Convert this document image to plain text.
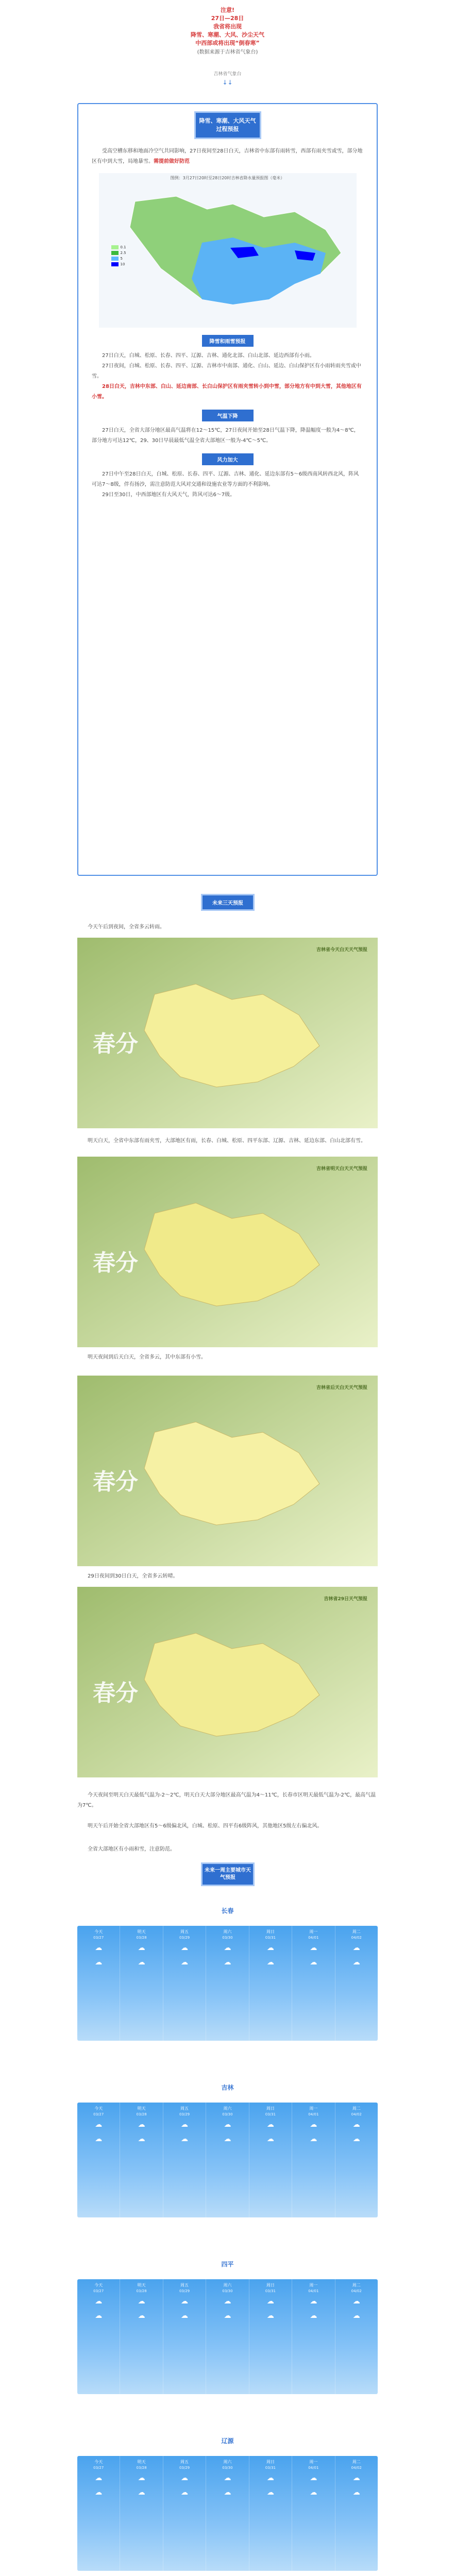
注意!
27日—28日
我省将出现
降雪、寒潮、大风、沙尘天气
中西部或将出现“倒春寒”
(数据来源于吉林省气象台)
吉林省气象台
↓↓
降雪、寒潮、大风天气过程预报

受高空槽东移和地面冷空气共同影响，27日夜间至28日白天，吉林省中东部有雨转雪，西部有雨夹雪或雪，部分地区有中到大雪，局地暴雪。需提前做好防范

图例：3月27日20时至28日20时吉林省降水量预报图（毫米）
0.1
2.5
5
10
降雪和雨雪预报

27日白天，白城、松原、长春、四平、辽源、吉林、通化北部、白山北部、延边西部有小雨。

27日夜间，白城、松原、长春、四平、辽源、吉林市中南部、通化、白山、延边、白山保护区有小雨转雨夹雪或中雪。

28日白天，吉林中东部、白山、延边南部、长白山保护区有雨夹雪转小到中雪，部分地方有中到大雪，其他地区有小雪。

气温下降

27日白天，全省大部分地区最高气温将在12～15℃，27日夜间开始至28日气温下降，降温幅度一般为4～8℃，部分地方可达12℃，29、30日早晨最低气温全省大部地区一般为-4℃～5℃。

风力加大

27日中午至28日白天，白城、松原、长春、四平、辽源、吉林、通化、延边东部有5～6级西南风转西北风，阵风可达7～8级，伴有扬沙，需注意防范大风对交通和设施农业等方面的不利影响。

29日至30日，中西部地区有大风天气，阵风可达6～7级。

未来三天预报
今天午后到夜间，全省多云转雨。
春分
吉林省今天白天天气预报
明天白天，全省中东部有雨夹雪，大部地区有雨，长春、白城、松原、四平东部、辽源、吉林、延边东部、白山北部有雪。
春分
吉林省明天白天天气预报
明天夜间到后天白天，全省多云，其中东部有小雪。
春分
吉林省后天白天天气预报
29日夜间到30日白天，全省多云转晴。
春分
吉林省29日天气预报
今天夜间至明天白天最低气温为-2～2℃，明天白天大部分地区最高气温为4～11℃，长春市区明天最低气温为-2℃，最高气温为7℃。
明天午后开始全省大部地区有5～6级偏北风，白城、松原、四平有6级阵风，其他地区5级左右偏北风。
全省大部地区有小雨和雪，注意防范。
未来一周主要城市天气预报
长春
今天
03/27
☁
☁
明天
03/28
☁
☁
周五
03/29
☁
☁
周六
03/30
☁
☁
周日
03/31
☁
☁
周一
04/01
☁
☁
周二
04/02
☁
☁
吉林
今天
03/27
☁
☁
明天
03/28
☁
☁
周五
03/29
☁
☁
周六
03/30
☁
☁
周日
03/31
☁
☁
周一
04/01
☁
☁
周二
04/02
☁
☁
四平
今天
03/27
☁
☁
明天
03/28
☁
☁
周五
03/29
☁
☁
周六
03/30
☁
☁
周日
03/31
☁
☁
周一
04/01
☁
☁
周二
04/02
☁
☁
辽源
今天
03/27
☁
☁
明天
03/28
☁
☁
周五
03/29
☁
☁
周六
03/30
☁
☁
周日
03/31
☁
☁
周一
04/01
☁
☁
周二
04/02
☁
☁
